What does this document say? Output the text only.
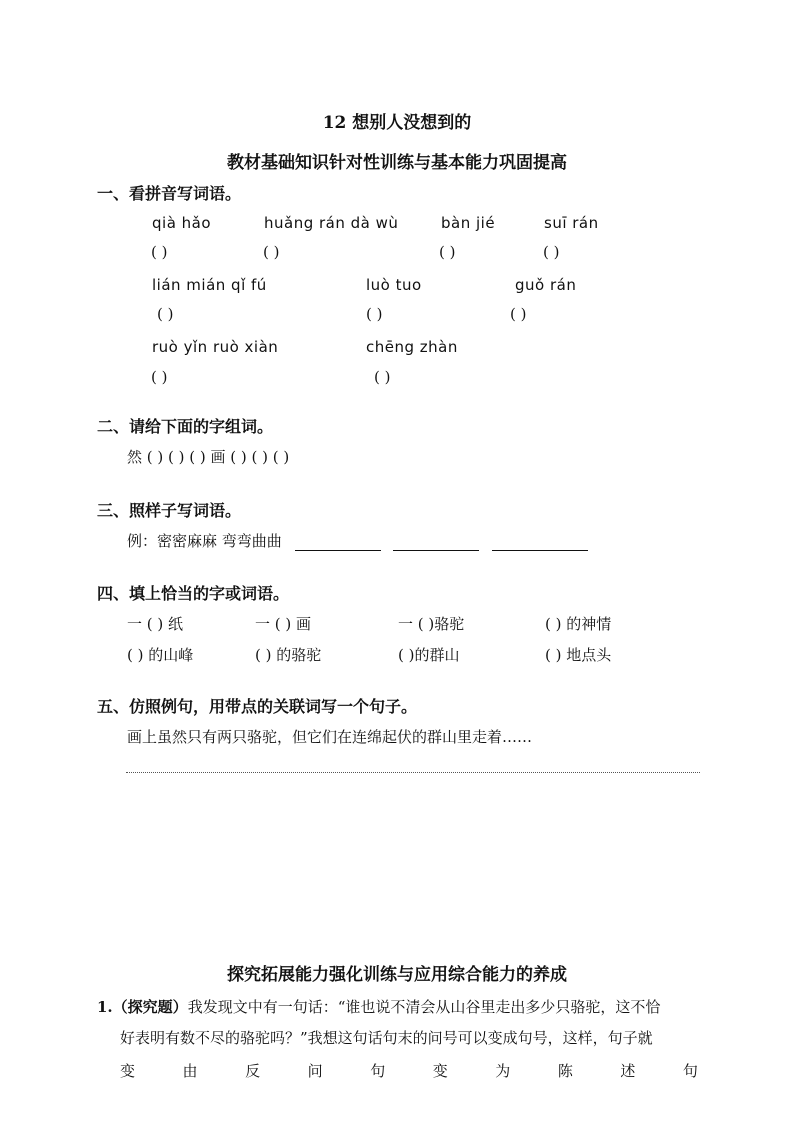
12 想别人没想到的
教材基础知识针对性训练与基本能力巩固提高
一、看拼音写词语。
qià hǎo	huǎng rán dà wù	bàn jié	suī rán
( )	( )	( )	( )
lián mián qǐ fú	luò tuo	guǒ rán
( )	( )	( )
ruò yǐn ruò xiàn	chēng zhàn
( )	( )
二、请给下面的字组词。
然 ( ) ( ) ( ) 画 ( ) ( ) ( )
三、照样子写词语。
例：密密麻麻 弯弯曲曲
四、填上恰当的字或词语。
一 ( ) 纸	一 ( ) 画	一 ( )骆驼	( ) 的神情
( ) 的山峰	( ) 的骆驼	( )的群山	( ) 地点头
五、仿照例句，用带点的关联词写一个句子。
画上虽然只有两只骆驼，但它们在连绵起伏的群山里走着……
探究拓展能力强化训练与应用综合能力的养成
1.（探究题）我发现文中有一句话：“谁也说不清会从山谷里走出多少只骆驼，这不恰
好表明有数不尽的骆驼吗？”我想这句话句末的问号可以变成句号，这样，句子就
变	由	反	问	句	变	为	陈	述	句
